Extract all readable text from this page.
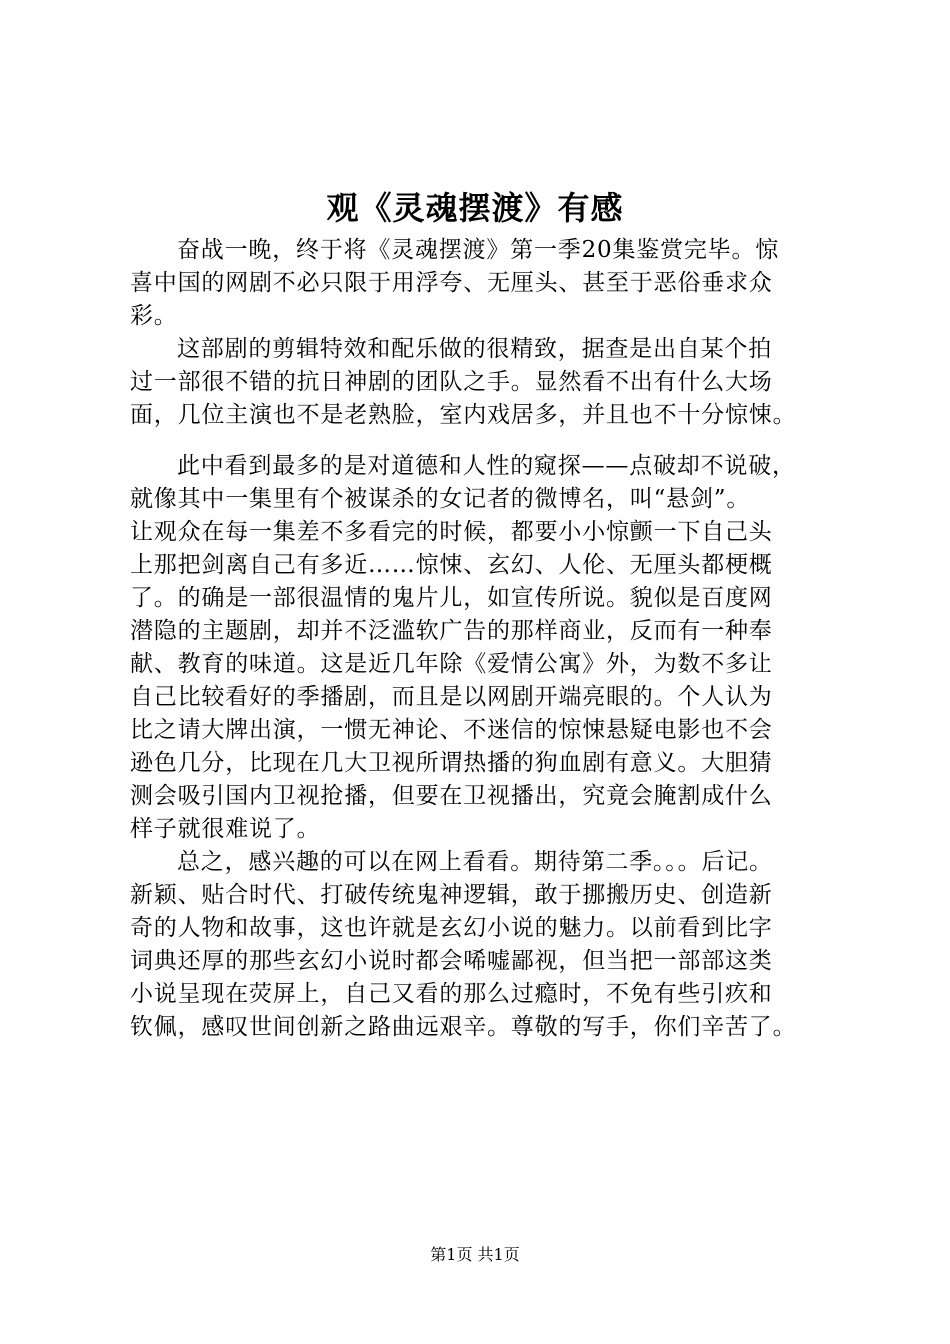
观《灵魂摆渡》有感
奋战一晚，终于将《灵魂摆渡》第一季20集鉴赏完毕。惊
喜中国的网剧不必只限于用浮夸、无厘头、甚至于恶俗垂求众
彩。
这部剧的剪辑特效和配乐做的很精致，据查是出自某个拍
过一部很不错的抗日神剧的团队之手。显然看不出有什么大场
面，几位主演也不是老熟脸，室内戏居多，并且也不十分惊悚。
此中看到最多的是对道德和人性的窥探——点破却不说破，
就像其中一集里有个被谋杀的女记者的微博名，叫“悬剑”。
让观众在每一集差不多看完的时候，都要小小惊颤一下自己头
上那把剑离自己有多近……惊悚、玄幻、人伦、无厘头都梗概
了。的确是一部很温情的鬼片儿，如宣传所说。貌似是百度网
潜隐的主题剧，却并不泛滥软广告的那样商业，反而有一种奉
献、教育的味道。这是近几年除《爱情公寓》外，为数不多让
自己比较看好的季播剧，而且是以网剧开端亮眼的。个人认为
比之请大牌出演，一惯无神论、不迷信的惊悚悬疑电影也不会
逊色几分，比现在几大卫视所谓热播的狗血剧有意义。大胆猜
测会吸引国内卫视抢播，但要在卫视播出，究竟会腌割成什么
样子就很难说了。
总之，感兴趣的可以在网上看看。期待第二季。。。后记。
新颖、贴合时代、打破传统鬼神逻辑，敢于挪搬历史、创造新
奇的人物和故事，这也许就是玄幻小说的魅力。以前看到比字
词典还厚的那些玄幻小说时都会唏嘘鄙视，但当把一部部这类
小说呈现在荧屏上，自己又看的那么过瘾时，不免有些引疚和
钦佩，感叹世间创新之路曲远艰辛。尊敬的写手，你们辛苦了。
第1页 共1页
